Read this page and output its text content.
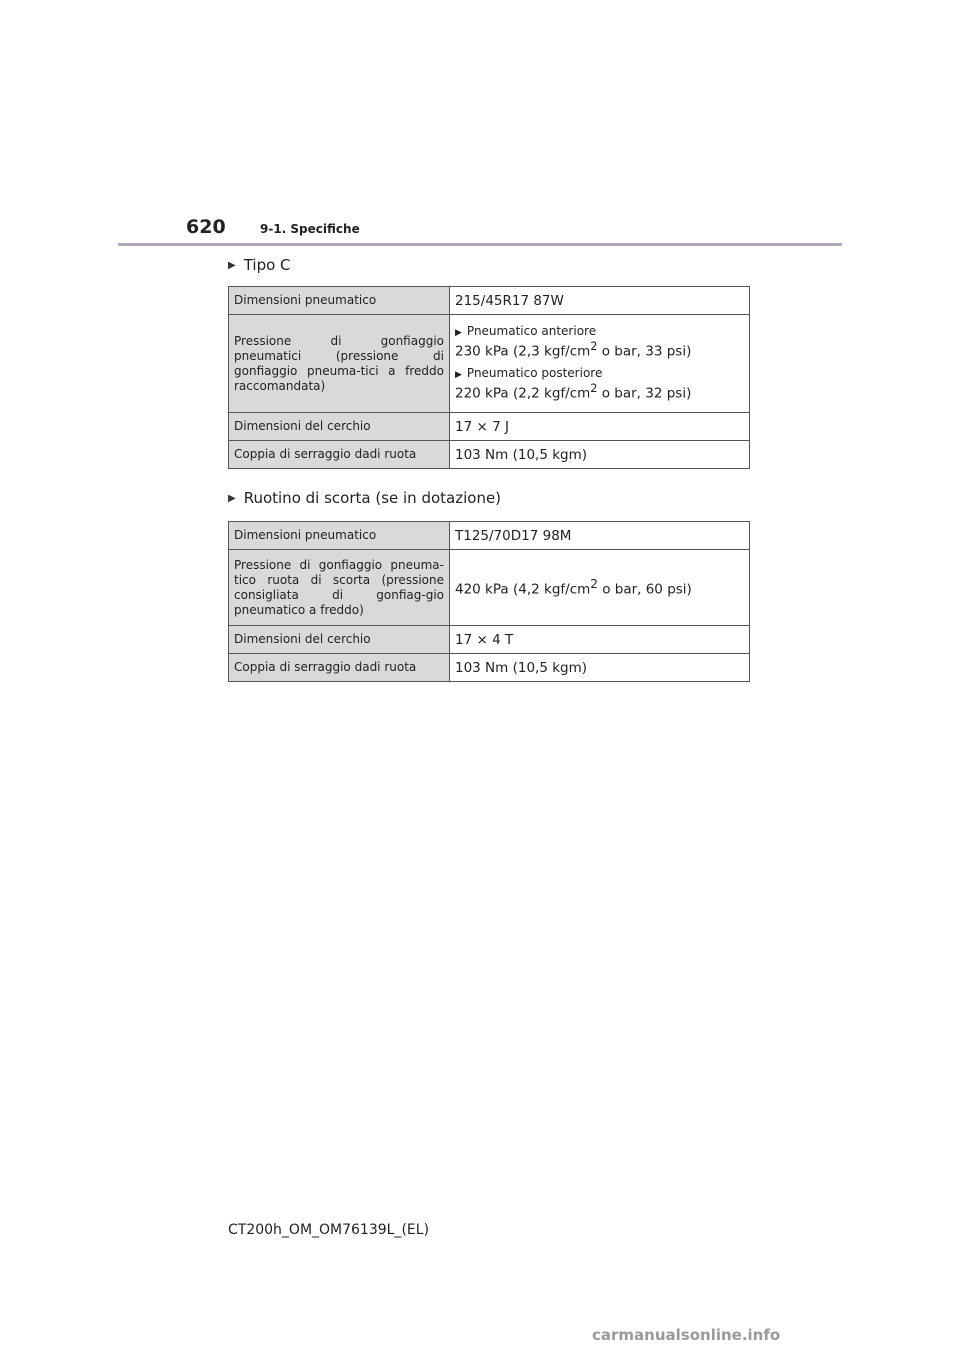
620	9-1. Specifiche
▶ Tipo C
Dimensioni pneumatico	215/45R17 87W
Pressione di gonfiaggio pneumatici (pressione di gonfiaggio pneuma-tici a freddo raccomandata)	▶ Pneumatico anteriore
230 kPa (2,3 kgf/$cm^2$ o bar, 33 psi)
▶ Pneumatico posteriore
220 kPa (2,2 kgf/$cm^2$ o bar, 32 psi)

Dimensioni del cerchio	17 × 7 J
Coppia di serraggio dadi ruota	103 Nm (10,5 kgm)
▶ Ruotino di scorta (se in dotazione)
Dimensioni pneumatico	T125/70D17 98M
Pressione di gonfiaggio pneuma-tico ruota di scorta (pressione consigliata di gonfiag-gio pneumatico a freddo)	420 kPa (4,2 kgf/$cm^2$ o bar, 60 psi)
Dimensioni del cerchio	17 × 4 T
Coppia di serraggio dadi ruota	103 Nm (10,5 kgm)
CT200h_OM_OM76139L_(EL)
carmanualsonline.info
